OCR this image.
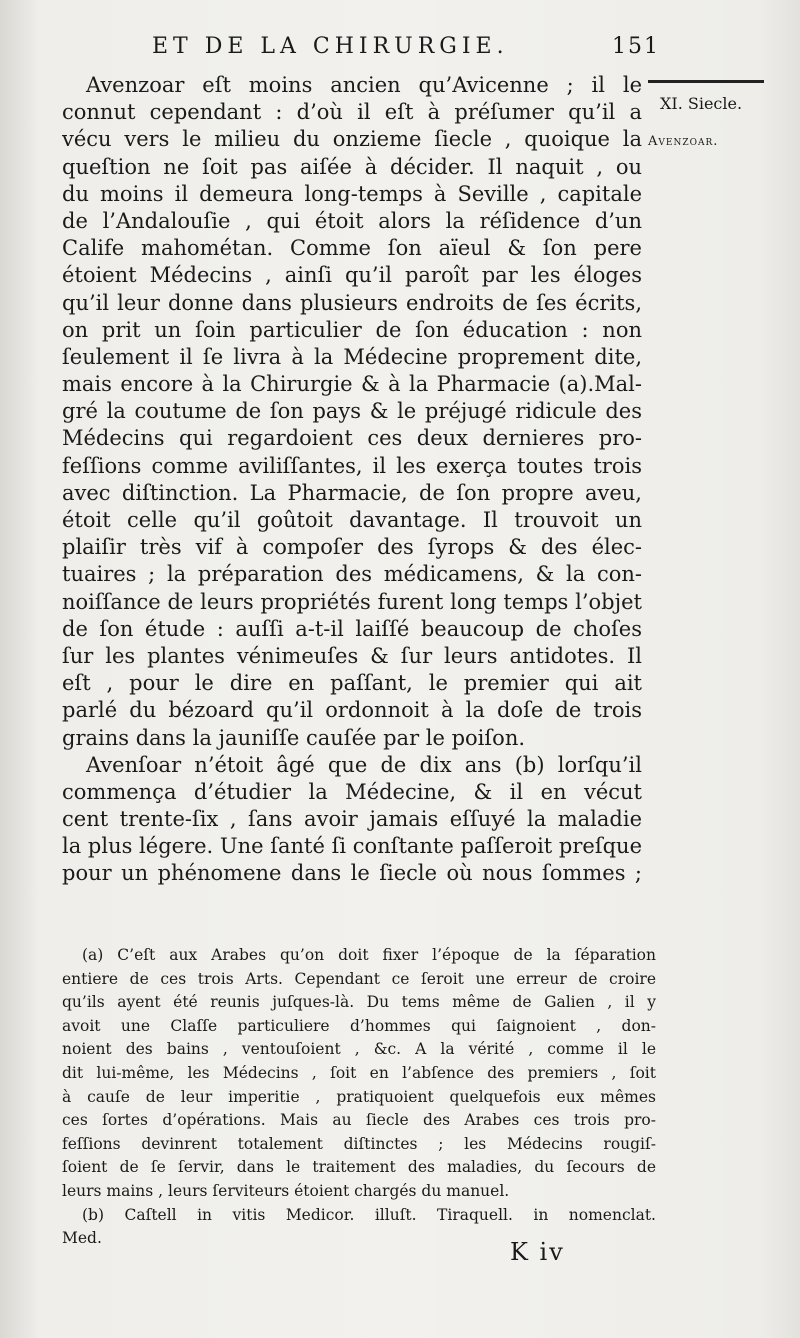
ET DE LA CHIRURGIE.	151
XI. Siecle.
Avenzoar.
Avenzoar eſt moins ancien qu’Avicenne ; il le
connut cependant : d’où il eſt à préſumer qu’il a
vécu vers le milieu du onzieme ſiecle , quoique la
queſtion ne ſoit pas aiſée à décider. Il naquit , ou
du moins il demeura long-temps à Seville , capitale
de l’Andalouſie , qui étoit alors la réſidence d’un
Calife mahométan. Comme ſon aïeul & ſon pere
étoient Médecins , ainſi qu’il paroît par les éloges
qu’il leur donne dans plusieurs endroits de ſes écrits,
on prit un ſoin particulier de ſon éducation : non
ſeulement il ſe livra à la Médecine proprement dite,
mais encore à la Chirurgie & à la Pharmacie (a).Mal-
gré la coutume de ſon pays & le préjugé ridicule des
Médecins qui regardoient ces deux dernieres pro-
feſſions comme aviliſſantes, il les exerça toutes trois
avec diſtinction. La Pharmacie, de ſon propre aveu,
étoit celle qu’il goûtoit davantage. Il trouvoit un
plaiſir très vif à compoſer des ſyrops & des élec-
tuaires ; la préparation des médicamens, & la con-
noiſſance de leurs propriétés furent long temps l’objet
de ſon étude : auſſi a-t-il laiſſé beaucoup de choſes
ſur les plantes vénimeuſes & ſur leurs antidotes. Il
eſt , pour le dire en paſſant, le premier qui ait
parlé du bézoard qu’il ordonnoit à la doſe de trois
grains dans la jauniſſe cauſée par le poiſon.
Avenſoar n’étoit âgé que de dix ans (b) lorſqu’il
commença d’étudier la Médecine, & il en vécut
cent trente-ſix , ſans avoir jamais eſſuyé la maladie
la plus légere. Une ſanté ſi conſtante paſſeroit preſque
pour un phénomene dans le ſiecle où nous ſommes ;
(a) C’eſt aux Arabes qu’on doit fixer l’époque de la ſéparation
entiere de ces trois Arts. Cependant ce ſeroit une erreur de croire
qu’ils ayent été reunis juſques-là. Du tems même de Galien , il y
avoit une Claſſe particuliere d’hommes qui ſaignoient , don-
noient des bains , ventouſoient , &c. A la vérité , comme il le
dit lui-même, les Médecins , ſoit en l’abſence des premiers , ſoit
à cauſe de leur imperitie , pratiquoient quelquefois eux mêmes
ces ſortes d’opérations. Mais au ſiecle des Arabes ces trois pro-
feſſions devinrent totalement diſtinctes ; les Médecins rougiſ-
ſoient de ſe ſervir, dans le traitement des maladies, du ſecours de
leurs mains , leurs ſerviteurs étoient chargés du manuel.
(b) Caſtell in vitis Medicor. illuſt. Tiraquell. in nomenclat.
Med.	K iv
